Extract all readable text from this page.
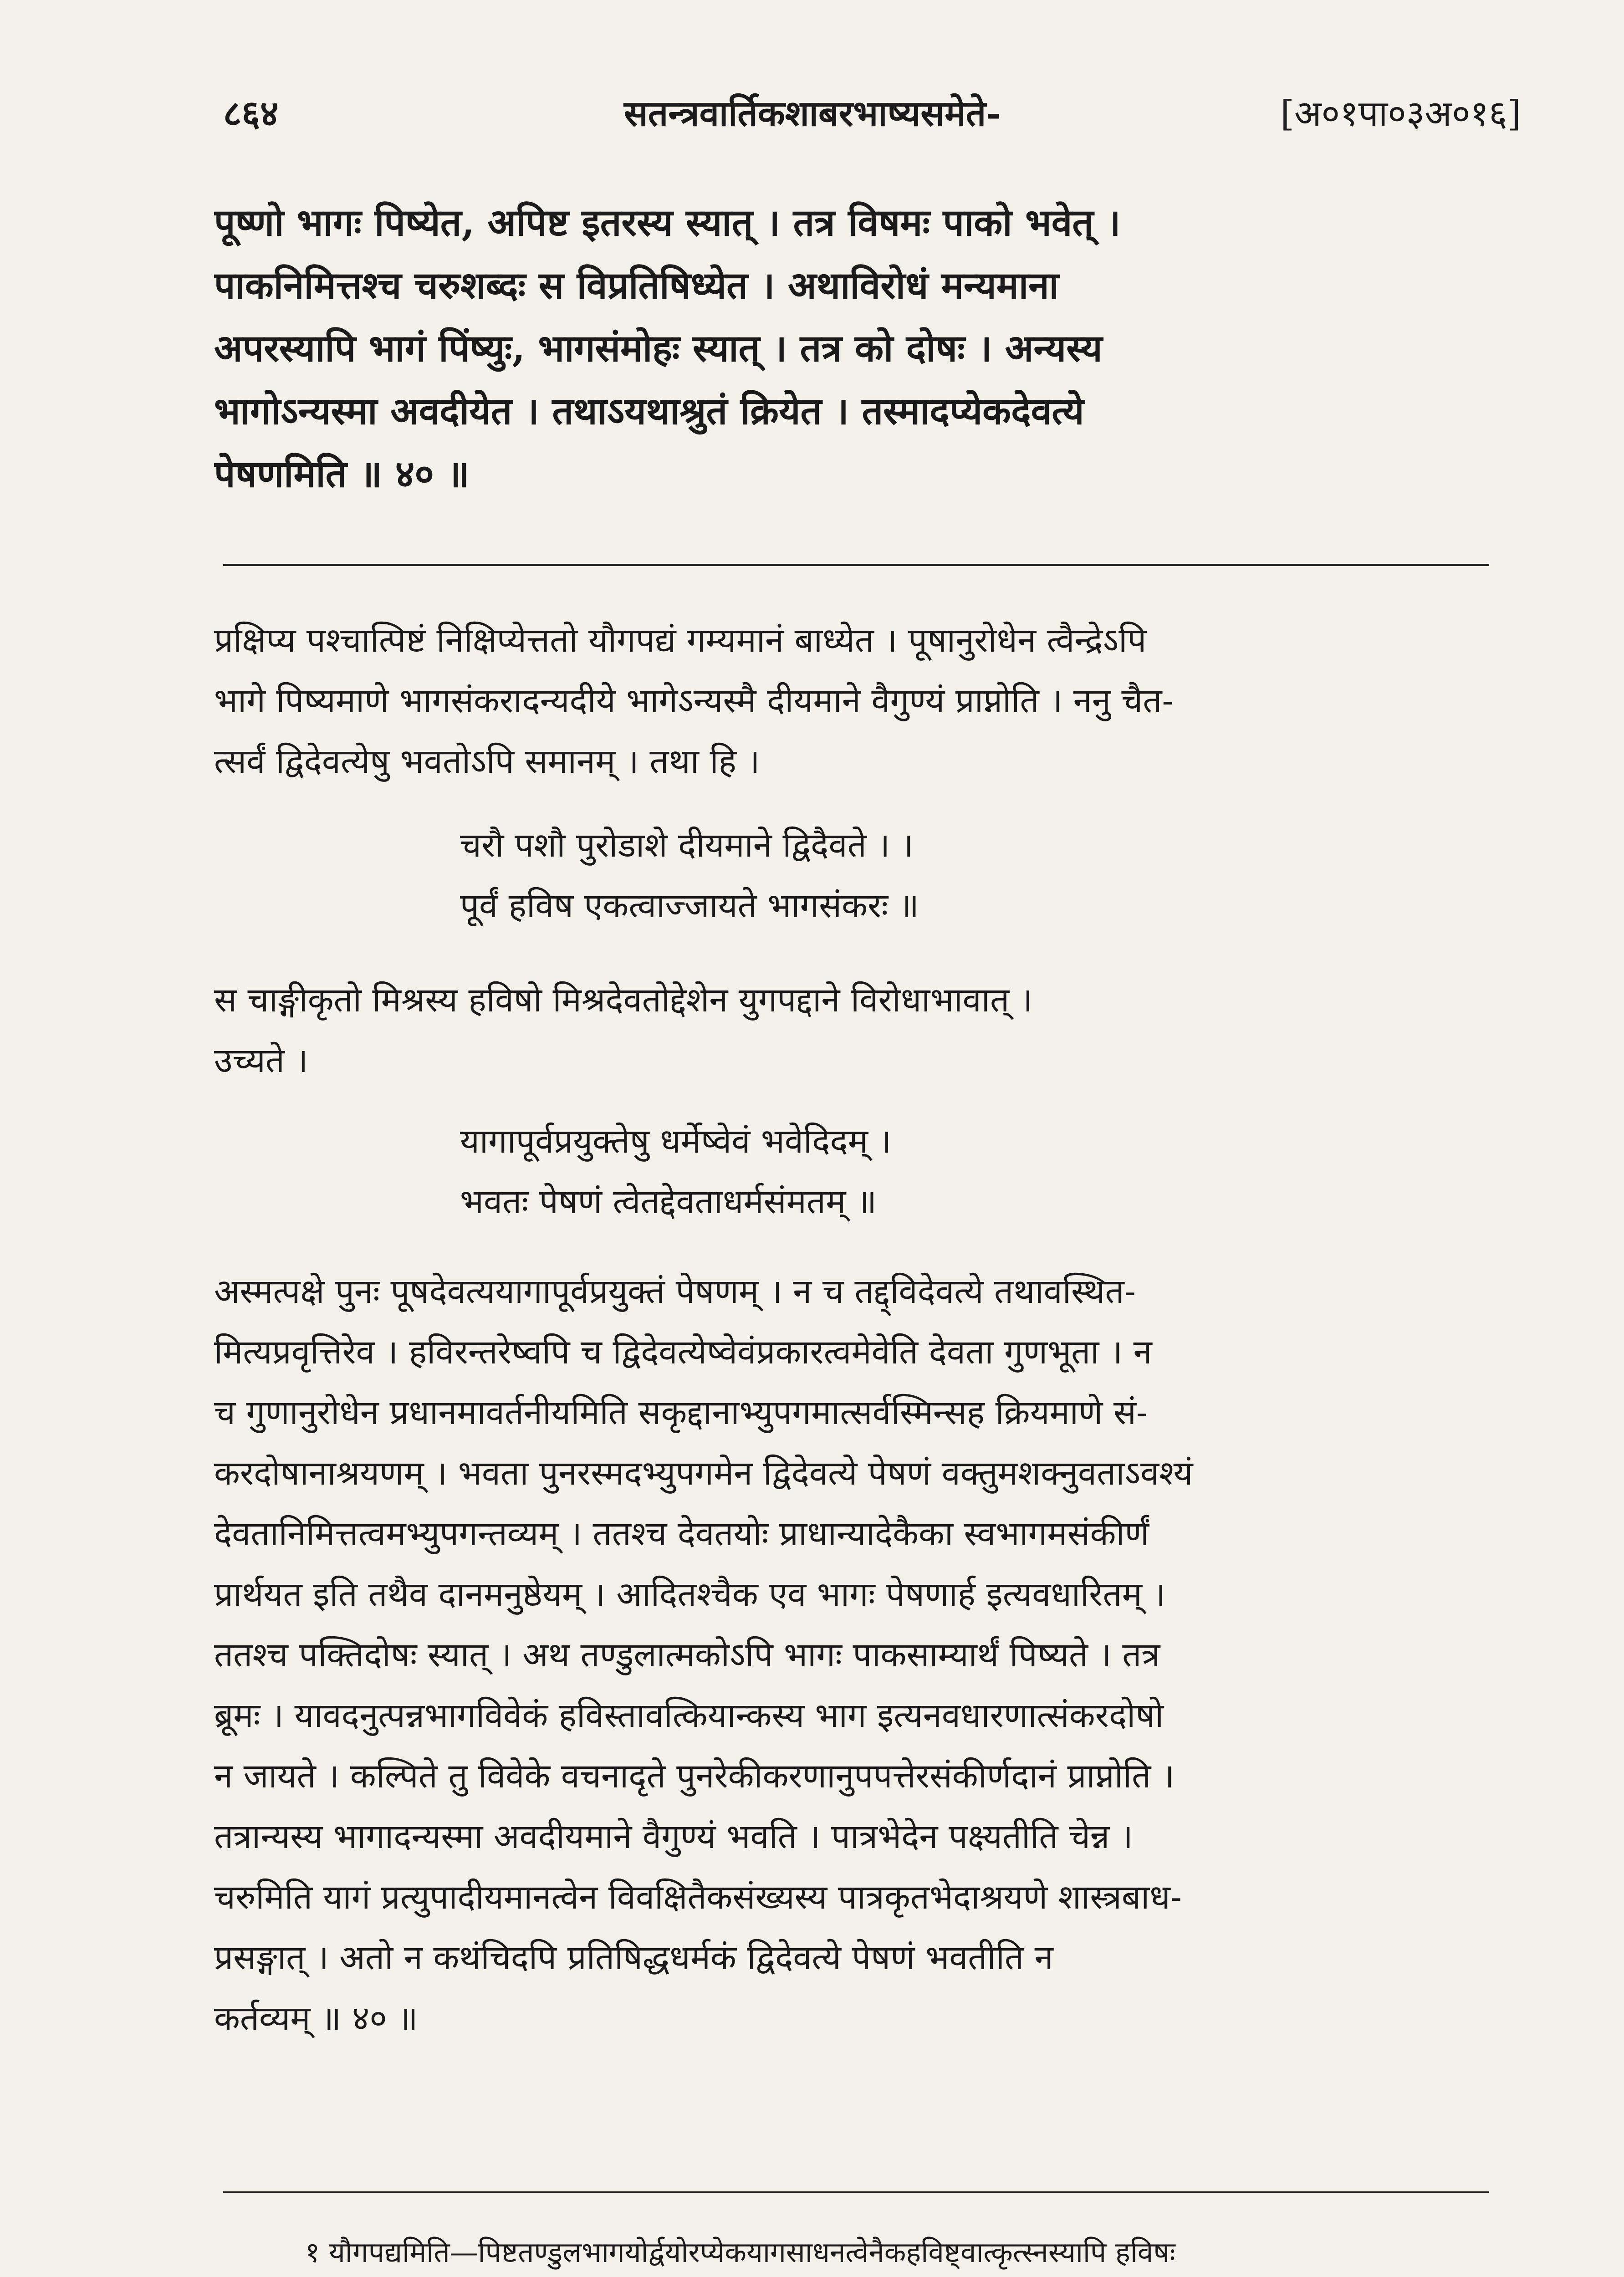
८६४	सतन्त्रवार्तिकशाबरभाष्यसमेते-	[अ०१पा०३अ०१६]
पूष्णो भागः पिष्येत, अपिष्ट इतरस्य स्यात् । तत्र विषमः पाको भवेत् ।
पाकनिमित्तश्च चरुशब्दः स विप्रतिषिध्येत । अथाविरोधं मन्यमाना
अपरस्यापि भागं पिंष्युः, भागसंमोहः स्यात् । तत्र को दोषः । अन्यस्य
भागोऽन्यस्मा अवदीयेत । तथाऽयथाश्रुतं क्रियेत । तस्मादप्येकदेवत्ये
पेषणमिति ॥ ४० ॥
प्रक्षिप्य पश्चात्पिष्टं निक्षिप्येत्ततो यौगपद्यं गम्यमानं बाध्येत । पूषानुरोधेन त्वैन्द्रेऽपि
भागे पिष्यमाणे भागसंकरादन्यदीये भागेऽन्यस्मै दीयमाने वैगुण्यं प्राप्नोति । ननु चैत-
त्सर्वं द्विदेवत्येषु भवतोऽपि समानम् । तथा हि ।
चरौ पशौ पुरोडाशे दीयमाने द्विदैवते । ।
पूर्वं हविष एकत्वाज्जायते भागसंकरः ॥
स चाङ्गीकृतो मिश्रस्य हविषो मिश्रदेवतोद्देशेन युगपद्दाने विरोधाभावात् ।
उच्यते ।
यागापूर्वप्रयुक्तेषु धर्मेष्वेवं भवेदिदम् ।
भवतः पेषणं त्वेतद्देवताधर्मसंमतम् ॥
अस्मत्पक्षे पुनः पूषदेवत्ययागापूर्वप्रयुक्तं पेषणम् । न च तद्द्विदेवत्ये तथावस्थित-
मित्यप्रवृत्तिरेव । हविरन्तरेष्वपि च द्विदेवत्येष्वेवंप्रकारत्वमेवेति देवता गुणभूता । न
च गुणानुरोधेन प्रधानमावर्तनीयमिति सकृद्दानाभ्युपगमात्सर्वस्मिन्सह क्रियमाणे सं-
करदोषानाश्रयणम् । भवता पुनरस्मदभ्युपगमेन द्विदेवत्ये पेषणं वक्तुमशक्नुवताऽवश्यं
देवतानिमित्तत्वमभ्युपगन्तव्यम् । ततश्च देवतयोः प्राधान्यादेकैका स्वभागमसंकीर्णं
प्रार्थयत इति तथैव दानमनुष्ठेयम् । आदितश्चैक एव भागः पेषणार्ह इत्यवधारितम् ।
ततश्च पक्तिदोषः स्यात् । अथ तण्डुलात्मकोऽपि भागः पाकसाम्यार्थं पिष्यते । तत्र
ब्रूमः । यावदनुत्पन्नभागविवेकं हविस्तावत्कियान्कस्य भाग इत्यनवधारणात्संकरदोषो
न जायते । कल्पिते तु विवेके वचनादृते पुनरेकीकरणानुपपत्तेरसंकीर्णदानं प्राप्नोति ।
तत्रान्यस्य भागादन्यस्मा अवदीयमाने वैगुण्यं भवति । पात्रभेदेन पक्ष्यतीति चेन्न ।
चरुमिति यागं प्रत्युपादीयमानत्वेन विवक्षितैकसंख्यस्य पात्रकृतभेदाश्रयणे शास्त्रबाध-
प्रसङ्गात् । अतो न कथंचिदपि प्रतिषिद्धधर्मकं द्विदेवत्ये पेषणं भवतीति न
कर्तव्यम् ॥ ४० ॥
१ यौगपद्यमिति—पिष्टतण्डुलभागयोर्द्वयोरप्येकयागसाधनत्वेनैकहविष्ट्वात्कृत्स्नस्यापि हविषः
